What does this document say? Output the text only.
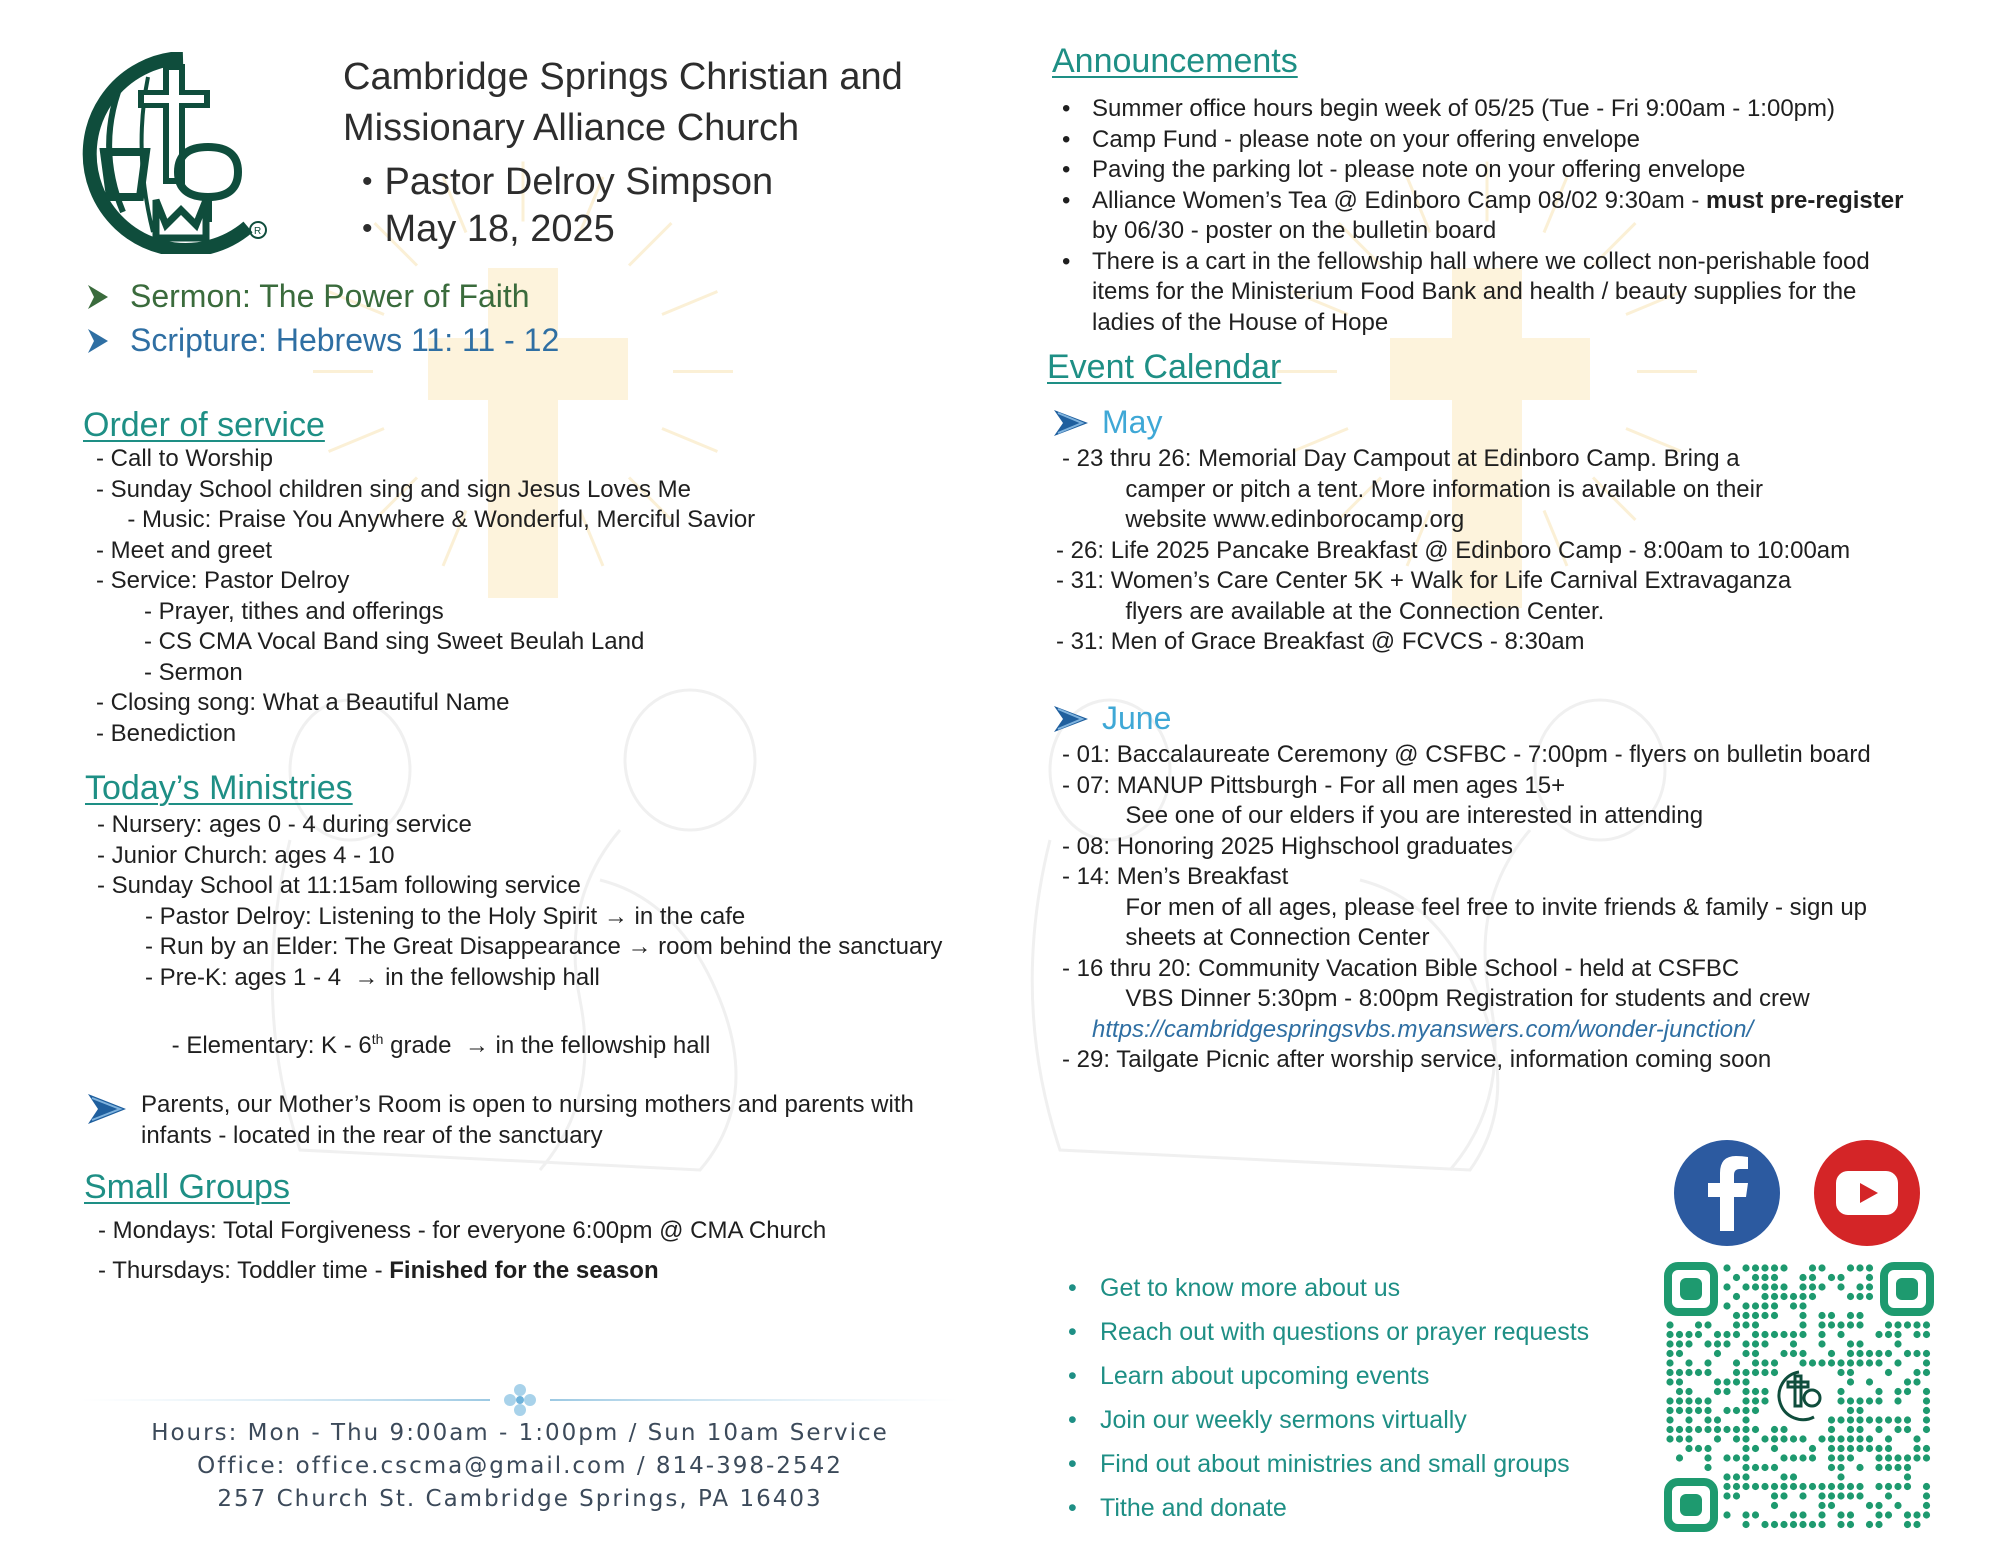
R
Cambridge Springs Christian and
Missionary Alliance Church
• Pastor Delroy Simpson
• May 18, 2025
Sermon: The Power of Faith
Scripture: Hebrews 11: 11 - 12
Order of service
- Call to Worship
- Sunday School children sing and sign Jesus Loves Me
- Music: Praise You Anywhere & Wonderful, Merciful Savior
- Meet and greet
- Service: Pastor Delroy
- Prayer, tithes and offerings
- CS CMA Vocal Band sing Sweet Beulah Land
- Sermon
- Closing song: What a Beautiful Name
- Benediction
Today’s Ministries
- Nursery: ages 0 - 4 during service
- Junior Church: ages 4 - 10
- Sunday School at 11:15am following service
- Pastor Delroy: Listening to the Holy Spirit → in the cafe
- Run by an Elder: The Great Disappearance → room behind the sanctuary
- Pre-K: ages 1 - 4  → in the fellowship hall

- Elementary: K - 6th grade  → in the fellowship hall

Parents, our Mother’s Room is open to nursing mothers and parents with
infants - located in the rear of the sanctuary
Small Groups
- Mondays: Total Forgiveness - for everyone 6:00pm @ CMA Church
- Thursdays: Toddler time - Finished for the season
Hours: Mon - Thu 9:00am - 1:00pm / Sun 10am Service
Office: office.cscma@gmail.com / 814-398-2542
257 Church St. Cambridge Springs, PA 16403
Announcements
• Summer office hours begin week of 05/25 (Tue - Fri 9:00am - 1:00pm)
• Camp Fund - please note on your offering envelope
• Paving the parking lot - please note on your offering envelope
• Alliance Women’s Tea @ Edinboro Camp 08/02 9:30am - must pre-register
by 06/30 - poster on the bulletin board
• There is a cart in the fellowship hall where we collect non-perishable food items for the Ministerium Food Bank and health / beauty supplies for the ladies of the House of Hope
Event Calendar
May
- 23 thru 26: Memorial Day Campout at Edinboro Camp. Bring a
camper or pitch a tent. More information is available on their
website www.edinborocamp.org
- 26: Life 2025 Pancake Breakfast @ Edinboro Camp - 8:00am to 10:00am
- 31: Women’s Care Center 5K + Walk for Life Carnival Extravaganza
flyers are available at the Connection Center.
- 31: Men of Grace Breakfast @ FCVCS - 8:30am
June
- 01: Baccalaureate Ceremony @ CSFBC - 7:00pm - flyers on bulletin board
- 07: MANUP Pittsburgh - For all men ages 15+
See one of our elders if you are interested in attending
- 08: Honoring 2025 Highschool graduates
- 14: Men’s Breakfast
For men of all ages, please feel free to invite friends & family - sign up
sheets at Connection Center
- 16 thru 20: Community Vacation Bible School - held at CSFBC
VBS Dinner 5:30pm - 8:00pm Registration for students and crew
https://cambridgespringsvbs.myanswers.com/wonder-junction/
- 29: Tailgate Picnic after worship service, information coming soon
• Get to know more about us
• Reach out with questions or prayer requests
• Learn about upcoming events
• Join our weekly sermons virtually
• Find out about ministries and small groups
• Tithe and donate
